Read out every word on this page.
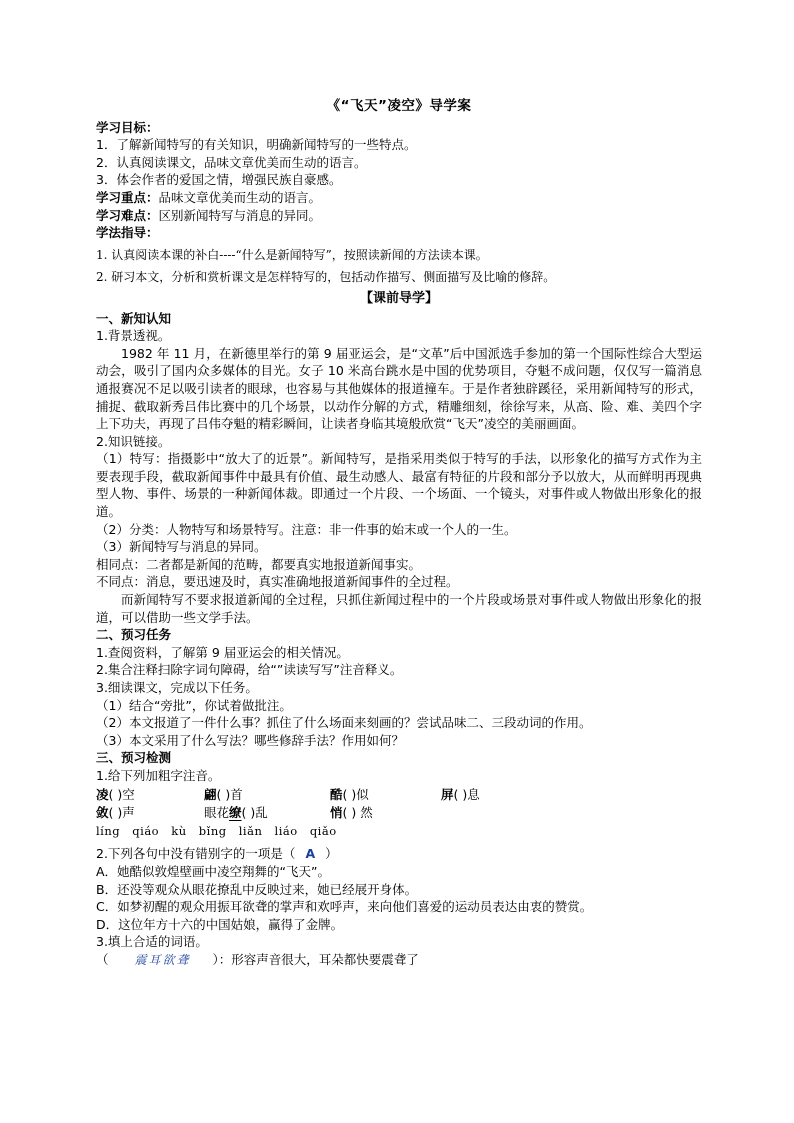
《“飞天”凌空》导学案
学习目标：
1．了解新闻特写的有关知识，明确新闻特写的一些特点。
2．认真阅读课文，品味文章优美而生动的语言。
3．体会作者的爱国之情，增强民族自豪感。
学习重点：品味文章优美而生动的语言。
学习难点：区别新闻特写与消息的异同。
学法指导：
1. 认真阅读本课的补白----“什么是新闻特写”，按照读新闻的方法读本课。
2. 研习本文，分析和赏析课文是怎样特写的，包括动作描写、侧面描写及比喻的修辞。
【课前导学】
一、新知认知
1.背景透视。
1982 年 11 月，在新德里举行的第 9 届亚运会，是“文革”后中国派选手参加的第一个国际性综合大型运动会，吸引了国内众多媒体的目光。女子 10 米高台跳水是中国的优势项目，夺魁不成问题，仅仅写一篇消息通报赛况不足以吸引读者的眼球，也容易与其他媒体的报道撞车。于是作者独辟蹊径，采用新闻特写的形式，捕捉、截取新秀吕伟比赛中的几个场景，以动作分解的方式，精雕细刻，徐徐写来，从高、险、难、美四个字上下功夫，再现了吕伟夺魁的精彩瞬间，让读者身临其境般欣赏“飞天”凌空的美丽画面。
2.知识链接。
（1）特写：指摄影中“放大了的近景”。新闻特写，是指采用类似于特写的手法，以形象化的描写方式作为主要表现手段，截取新闻事件中最具有价值、最生动感人、最富有特征的片段和部分予以放大，从而鲜明再现典型人物、事件、场景的一种新闻体裁。即通过一个片段、一个场面、一个镜头，对事件或人物做出形象化的报道。
（2）分类：人物特写和场景特写。注意：非一件事的始末或一个人的一生。
（3）新闻特写与消息的异同。
相同点：二者都是新闻的范畴，都要真实地报道新闻事实。
不同点：消息，要迅速及时，真实准确地报道新闻事件的全过程。
而新闻特写不要求报道新闻的全过程，只抓住新闻过程中的一个片段或场景对事件或人物做出形象化的报道，可以借助一些文学手法。
二、预习任务
1.查阅资料，了解第 9 届亚运会的相关情况。
2.集合注释扫除字词句障碍，给“”读读写写”注音释义。
3.细读课文，完成以下任务。
（1）结合“旁批”，你试着做批注。
（2）本文报道了一件什么事？抓住了什么场面来刻画的？尝试品味二、三段动词的作用。
（3）本文采用了什么写法？哪些修辞手法？作用如何？
三、预习检测
1.给下列加粗字注音。
凌( )空	翩( )首	酷( )似	屏( )息
敛( )声	眼花缭( )乱	悄( ) 然
líng qiáo kù bǐng liǎn liáo qiǎo
2.下列各句中没有错别字的一项是（ A ）
A．她酷似敦煌壁画中凌空翔舞的“飞天”。
B．还没等观众从眼花撩乱中反映过来，她已经展开身体。
C．如梦初醒的观众用振耳欲聋的掌声和欢呼声，来向他们喜爱的运动员表达由衷的赞赏。
D．这位年方十六的中国姑娘，赢得了金牌。
3.填上合适的词语。
（ 震耳欲聋 ）：形容声音很大，耳朵都快要震聋了
